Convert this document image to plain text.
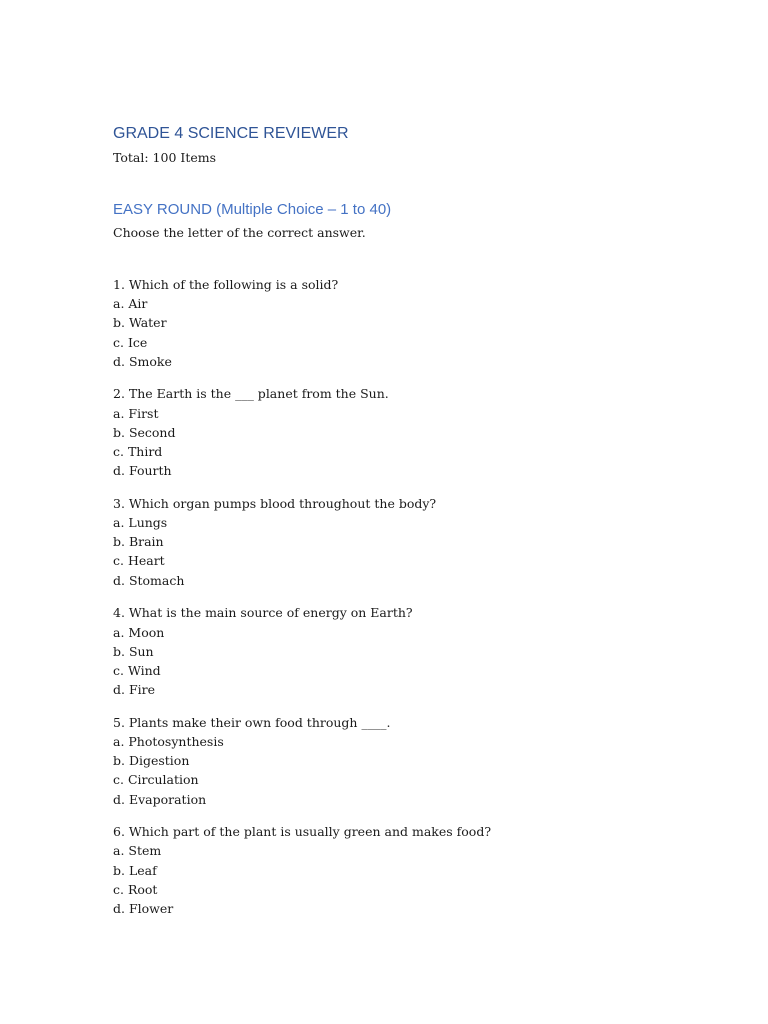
GRADE 4 SCIENCE REVIEWER
Total: 100 Items
EASY ROUND (Multiple Choice – 1 to 40)
Choose the letter of the correct answer.
1. Which of the following is a solid?
a. Air
b. Water
c. Ice
d. Smoke
2. The Earth is the ___ planet from the Sun.
a. First
b. Second
c. Third
d. Fourth
3. Which organ pumps blood throughout the body?
a. Lungs
b. Brain
c. Heart
d. Stomach
4. What is the main source of energy on Earth?
a. Moon
b. Sun
c. Wind
d. Fire
5. Plants make their own food through ____.
a. Photosynthesis
b. Digestion
c. Circulation
d. Evaporation
6. Which part of the plant is usually green and makes food?
a. Stem
b. Leaf
c. Root
d. Flower
